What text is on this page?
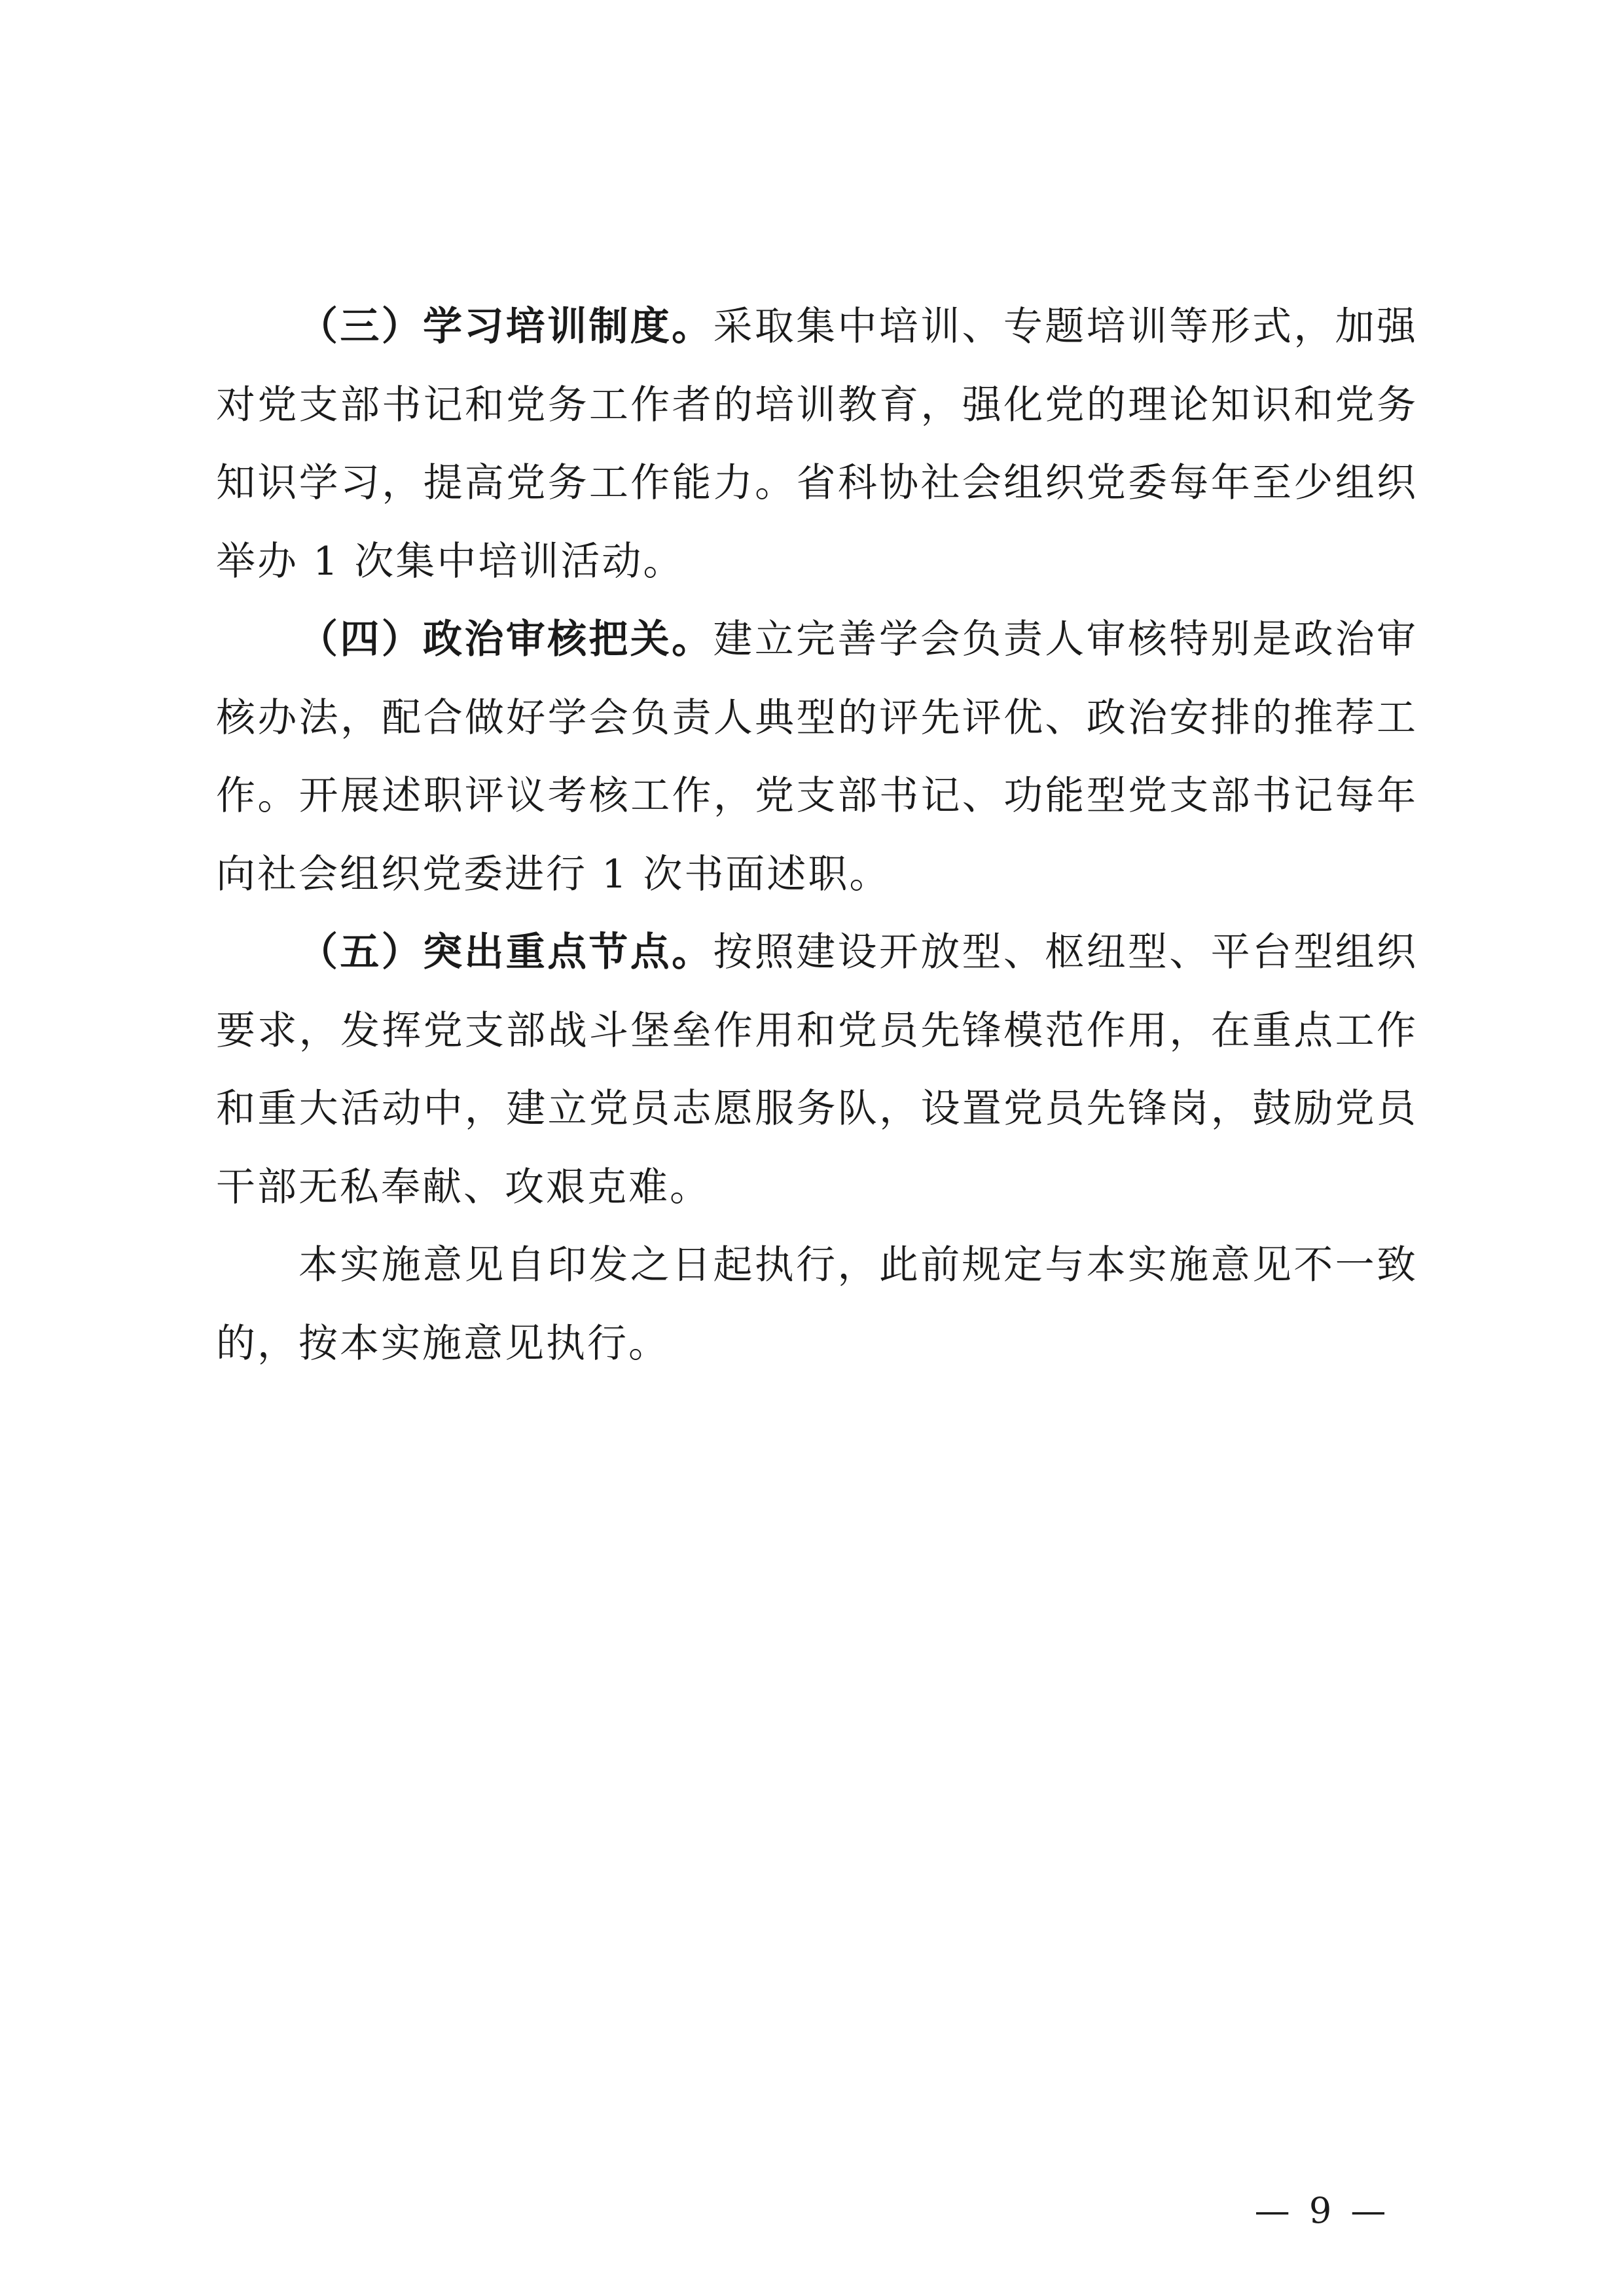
（三）学习培训制度。采取集中培训、专题培训等形式，加强对党支部书记和党务工作者的培训教育，强化党的理论知识和党务知识学习，提高党务工作能力。省科协社会组织党委每年至少组织举办 1 次集中培训活动。

（四）政治审核把关。建立完善学会负责人审核特别是政治审核办法，配合做好学会负责人典型的评先评优、政治安排的推荐工作。开展述职评议考核工作，党支部书记、功能型党支部书记每年向社会组织党委进行 1 次书面述职。

（五）突出重点节点。按照建设开放型、枢纽型、平台型组织要求，发挥党支部战斗堡垒作用和党员先锋模范作用，在重点工作和重大活动中，建立党员志愿服务队，设置党员先锋岗，鼓励党员干部无私奉献、攻艰克难。

本实施意见自印发之日起执行，此前规定与本实施意见不一致的，按本实施意见执行。

— 9 —
